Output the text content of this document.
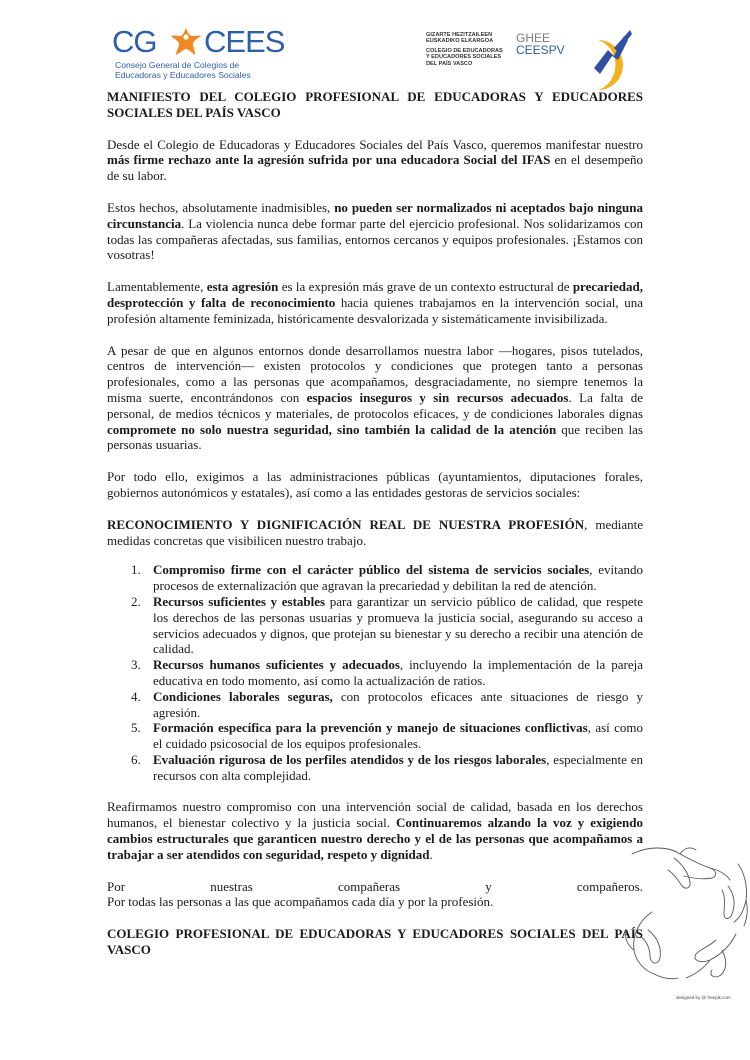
CG CEES
Consejo General de Colegios de
Educadoras y Educadores Sociales
GIZARTE HEZITZAILEEN
EUSKADIKO ELKARGOA
COLEGIO DE EDUCADORAS
Y EDUCADORES SOCIALES
DEL PAÍS VASCO
GHEE
CEESPV

MANIFIESTO DEL COLEGIO PROFESIONAL DE EDUCADORAS Y EDUCADORES SOCIALES DEL PAÍS VASCO

Desde el Colegio de Educadoras y Educadores Sociales del País Vasco, queremos manifestar nuestro más firme rechazo ante la agresión sufrida por una educadora Social del IFAS en el desempeño de su labor.

Estos hechos, absolutamente inadmisibles, no pueden ser normalizados ni aceptados bajo ninguna circunstancia. La violencia nunca debe formar parte del ejercicio profesional. Nos solidarizamos con todas las compañeras afectadas, sus familias, entornos cercanos y equipos profesionales. ¡Estamos con vosotras!

Lamentablemente, esta agresión es la expresión más grave de un contexto estructural de precariedad, desprotección y falta de reconocimiento hacia quienes trabajamos en la intervención social, una profesión altamente feminizada, históricamente desvalorizada y sistemáticamente invisibilizada.

A pesar de que en algunos entornos donde desarrollamos nuestra labor —hogares, pisos tutelados, centros de intervención— existen protocolos y condiciones que protegen tanto a personas profesionales, como a las personas que acompañamos, desgraciadamente, no siempre tenemos la misma suerte, encontrándonos con espacios inseguros y sin recursos adecuados. La falta de personal, de medios técnicos y materiales, de protocolos eficaces, y de condiciones laborales dignas compromete no solo nuestra seguridad, sino también la calidad de la atención que reciben las personas usuarias.

Por todo ello, exigimos a las administraciones públicas (ayuntamientos, diputaciones forales, gobiernos autonómicos y estatales), así como a las entidades gestoras de servicios sociales:

RECONOCIMIENTO Y DIGNIFICACIÓN REAL DE NUESTRA PROFESIÓN, mediante medidas concretas que visibilicen nuestro trabajo.

1. Compromiso firme con el carácter público del sistema de servicios sociales, evitando procesos de externalización que agravan la precariedad y debilitan la red de atención.
2. Recursos suficientes y estables para garantizar un servicio público de calidad, que respete los derechos de las personas usuarias y promueva la justicia social, asegurando su acceso a servicios adecuados y dignos, que protejan su bienestar y su derecho a recibir una atención de calidad.
3. Recursos humanos suficientes y adecuados, incluyendo la implementación de la pareja educativa en todo momento, así como la actualización de ratios.
4. Condiciones laborales seguras, con protocolos eficaces ante situaciones de riesgo y agresión.
5. Formación específica para la prevención y manejo de situaciones conflictivas, así como el cuidado psicosocial de los equipos profesionales.
6. Evaluación rigurosa de los perfiles atendidos y de los riesgos laborales, especialmente en recursos con alta complejidad.

Reafirmamos nuestro compromiso con una intervención social de calidad, basada en los derechos humanos, el bienestar colectivo y la justicia social. Continuaremos alzando la voz y exigiendo cambios estructurales que garanticen nuestro derecho y el de las personas que acompañamos a trabajar a ser atendidos con seguridad, respeto y dignidad.

Por	nuestras	compañeras	y	compañeros.
Por todas las personas a las que acompañamos cada día y por la profesión.

COLEGIO PROFESIONAL DE EDUCADORAS Y EDUCADORES SOCIALES DEL PAÍS VASCO

designed by @ freepik.com
